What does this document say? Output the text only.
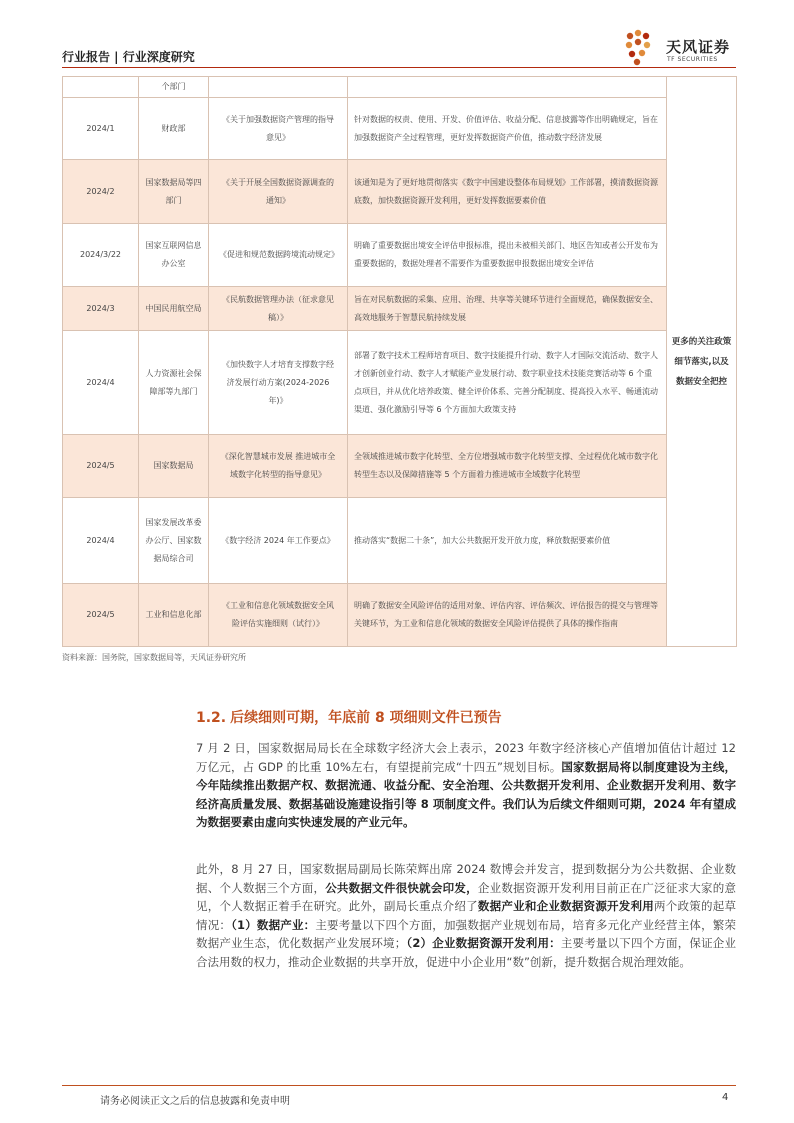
行业报告 | 行业深度研究
天风证券
TF SECURITIES
	个部门			更多的关注政策细节落实,以及数据安全把控
2024/1	财政部	《关于加强数据资产管理的指导意见》	针对数据的权责、使用、开发、价值评估、收益分配、信息披露等作出明确规定，旨在加强数据资产全过程管理，更好发挥数据资产价值，推动数字经济发展	
2024/2	国家数据局等四部门	《关于开展全国数据资源调查的通知》	该通知是为了更好地贯彻落实《数字中国建设整体布局规划》工作部署，摸清数据资源底数，加快数据资源开发利用，更好发挥数据要素价值	
2024/3/22	国家互联网信息办公室	《促进和规范数据跨境流动规定》	明确了重要数据出境安全评估申报标准，提出未被相关部门、地区告知或者公开发布为重要数据的，数据处理者不需要作为重要数据申报数据出境安全评估	
2024/3	中国民用航空局	《民航数据管理办法（征求意见稿）》	旨在对民航数据的采集、应用、治理、共享等关键环节进行全面规范，确保数据安全、高效地服务于智慧民航持续发展	
2024/4	人力资源社会保障部等九部门	《加快数字人才培育支撑数字经济发展行动方案(2024-2026 年)》	部署了数字技术工程师培育项目、数字技能提升行动、数字人才国际交流活动、数字人才创新创业行动、数字人才赋能产业发展行动、数字职业技术技能竞赛活动等 6 个重点项目，并从优化培养政策、健全评价体系、完善分配制度、提高投入水平、畅通流动渠道、强化激励引导等 6 个方面加大政策支持	
2024/5	国家数据局	《深化智慧城市发展 推进城市全域数字化转型的指导意见》	全领域推进城市数字化转型、全方位增强城市数字化转型支撑、全过程优化城市数字化转型生态以及保障措施等 5 个方面着力推进城市全域数字化转型	
2024/4	国家发展改革委办公厅、国家数据局综合司	《数字经济 2024 年工作要点》	推动落实“数据二十条”，加大公共数据开发开放力度，释放数据要素价值	
2024/5	工业和信息化部	《工业和信息化领域数据安全风险评估实施细则（试行）》	明确了数据安全风险评估的适用对象、评估内容、评估频次、评估报告的提交与管理等关键环节，为工业和信息化领域的数据安全风险评估提供了具体的操作指南	
资料来源：国务院，国家数据局等，天风证券研究所
1.2. 后续细则可期，年底前 8 项细则文件已预告
7 月 2 日，国家数据局局长在全球数字经济大会上表示，2023 年数字经济核心产值增加值估计超过 12 万亿元，占 GDP 的比重 10%左右，有望提前完成“十四五”规划目标。国家数据局将以制度建设为主线，今年陆续推出数据产权、数据流通、收益分配、安全治理、公共数据开发利用、企业数据开发利用、数字经济高质量发展、数据基础设施建设指引等 8 项制度文件。我们认为后续文件细则可期，2024 年有望成为数据要素由虚向实快速发展的产业元年。
此外，8 月 27 日，国家数据局副局长陈荣辉出席 2024 数博会并发言，提到数据分为公共数据、企业数据、个人数据三个方面，公共数据文件很快就会印发，企业数据资源开发利用目前正在广泛征求大家的意见，个人数据正着手在研究。此外，副局长重点介绍了数据产业和企业数据资源开发利用两个政策的起草情况：（1）数据产业：主要考量以下四个方面，加强数据产业规划布局，培育多元化产业经营主体，繁荣数据产业生态，优化数据产业发展环境；（2）企业数据资源开发利用：主要考量以下四个方面，保证企业合法用数的权力，推动企业数据的共享开放，促进中小企业用“数”创新，提升数据合规治理效能。
请务必阅读正文之后的信息披露和免责申明	4
